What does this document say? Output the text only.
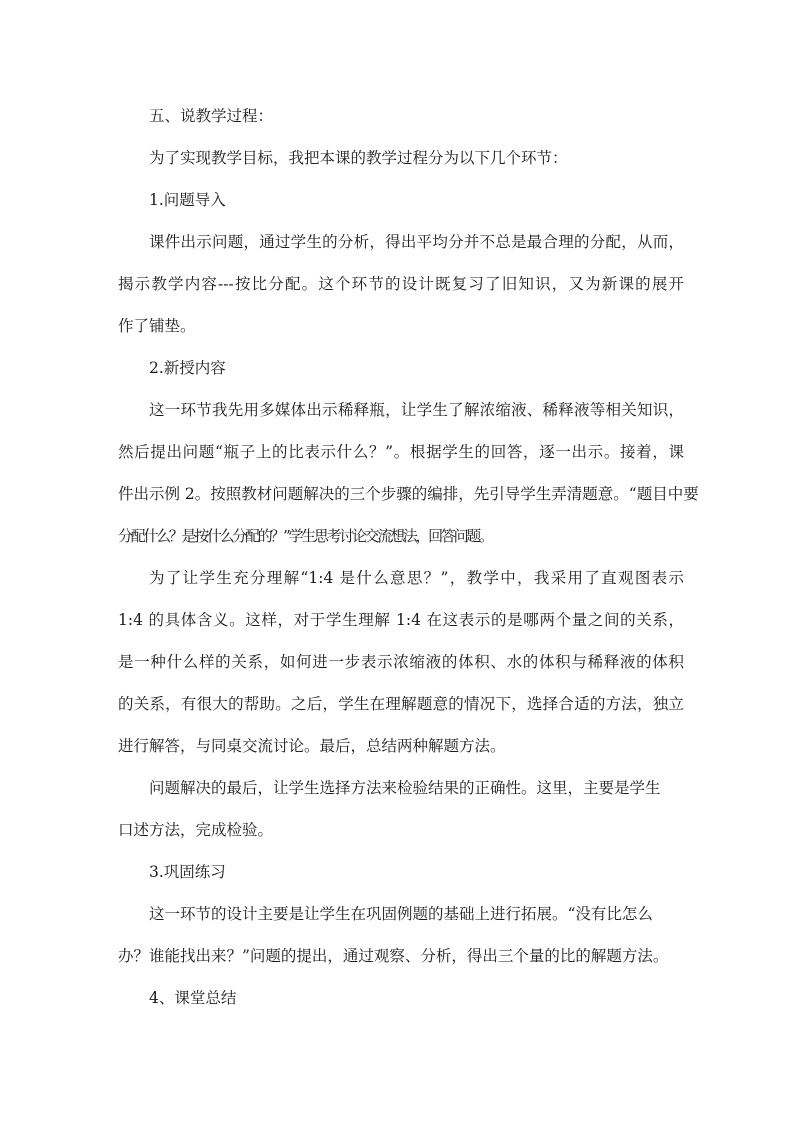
五、说教学过程：
为了实现教学目标，我把本课的教学过程分为以下几个环节：
1.问题导入
课件出示问题，通过学生的分析，得出平均分并不总是最合理的分配，从而，
揭示教学内容---按比分配。这个环节的设计既复习了旧知识，又为新课的展开
作了铺垫。
2.新授内容
这一环节我先用多媒体出示稀释瓶，让学生了解浓缩液、稀释液等相关知识，
然后提出问题“瓶子上的比表示什么？”。根据学生的回答，逐一出示。接着，课
件出示例 2。按照教材问题解决的三个步骤的编排，先引导学生弄清题意。“题目中要
分配什么？是按什么分配的？”学生思考讨论交流想法，回答问题。
为了让学生充分理解“1:4 是什么意思？”，教学中，我采用了直观图表示
1:4 的具体含义。这样，对于学生理解 1:4 在这表示的是哪两个量之间的关系，
是一种什么样的关系，如何进一步表示浓缩液的体积、水的体积与稀释液的体积
的关系，有很大的帮助。之后，学生在理解题意的情况下，选择合适的方法，独立
进行解答，与同桌交流讨论。最后，总结两种解题方法。
问题解决的最后，让学生选择方法来检验结果的正确性。这里，主要是学生
口述方法，完成检验。
3.巩固练习
这一环节的设计主要是让学生在巩固例题的基础上进行拓展。“没有比怎么
办？谁能找出来？”问题的提出，通过观察、分析，得出三个量的比的解题方法。
4、课堂总结
